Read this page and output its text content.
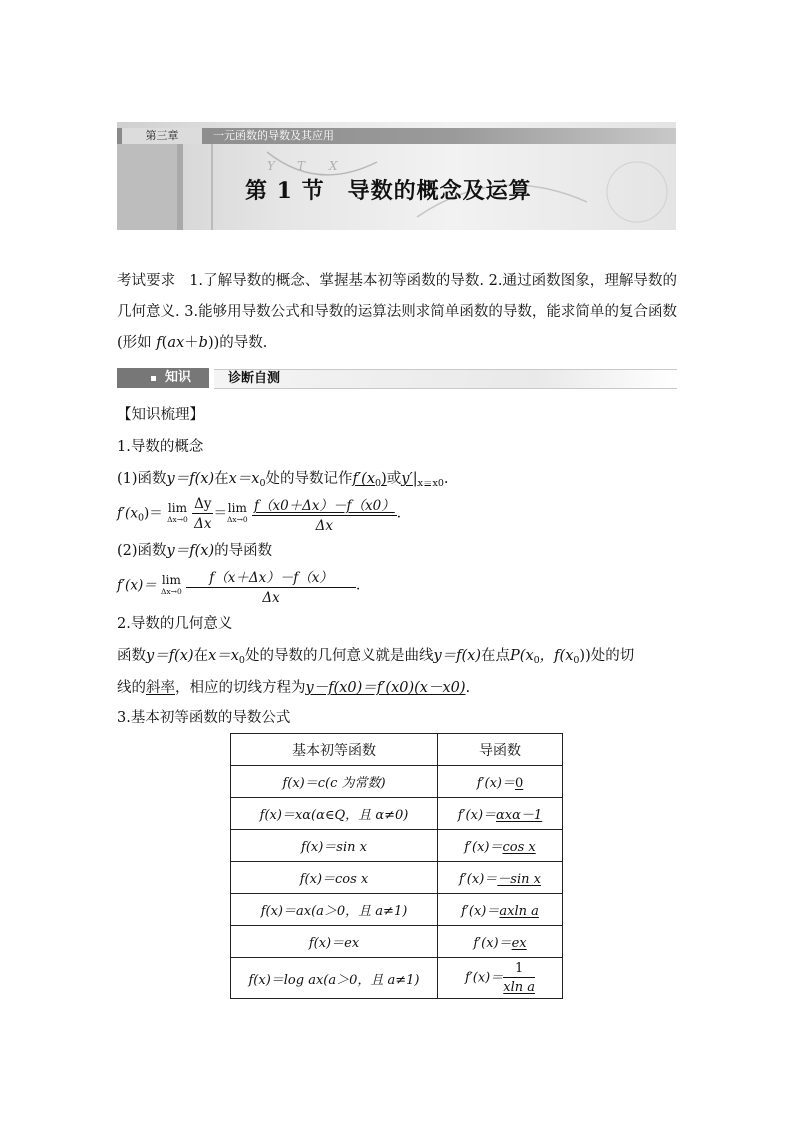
Y T X
第三章	一元函数的导数及其应用
第 1 节　导数的概念及运算
考试要求 1.了解导数的概念、掌握基本初等函数的导数. 2.通过函数图象，理解导数的几何意义. 3.能够用导数公式和导数的运算法则求简单函数的导数，能求简单的复合函数(形如 f(ax＋b))的导数.
知识	诊断自测
【知识梳理】
1.导数的概念
(1)函数y＝f(x)在$x=x_0$处的导数记作$f'(x_0)$或$y'|_{x=x0}$.
$f'(x_0)= \lim$
Δx→0
$\frac{\Delta y}{\Delta x} = \lim$
Δx→0
$\frac{f(x0+\Delta x)-f(x0)}{\Delta x}$ .
(2)函数y＝f(x)的导函数
f′(x)＝ lim
Δx→0
$\frac{f(x+\Delta x)-f(x)}{\Delta x}$ .
2.导数的几何意义
函数y＝f(x)在$x=x_0$处的导数的几何意义就是曲线y＝f(x)在点$P(x_0$，$f(x_0)$)处的切
线的斜率，相应的切线方程为y－f(x0)＝f′(x0)(x－x0).
3.基本初等函数的导数公式
基本初等函数	导函数
f(x)＝c(c 为常数)	f′(x)＝0
f(x)＝xα(α∈Q，且 α≠0)	f′(x)＝αxα－1
f(x)＝sin x	f′(x)＝cos x
f(x)＝cos x	f′(x)＝－sin x
f(x)＝ax(a＞0，且 a≠1)	f′(x)＝axln a
f(x)＝ex	f′(x)＝ex
f(x)＝log ax(a＞0，且 a≠1)	$f'(x)= \frac{1}{\text{xln a}}$
